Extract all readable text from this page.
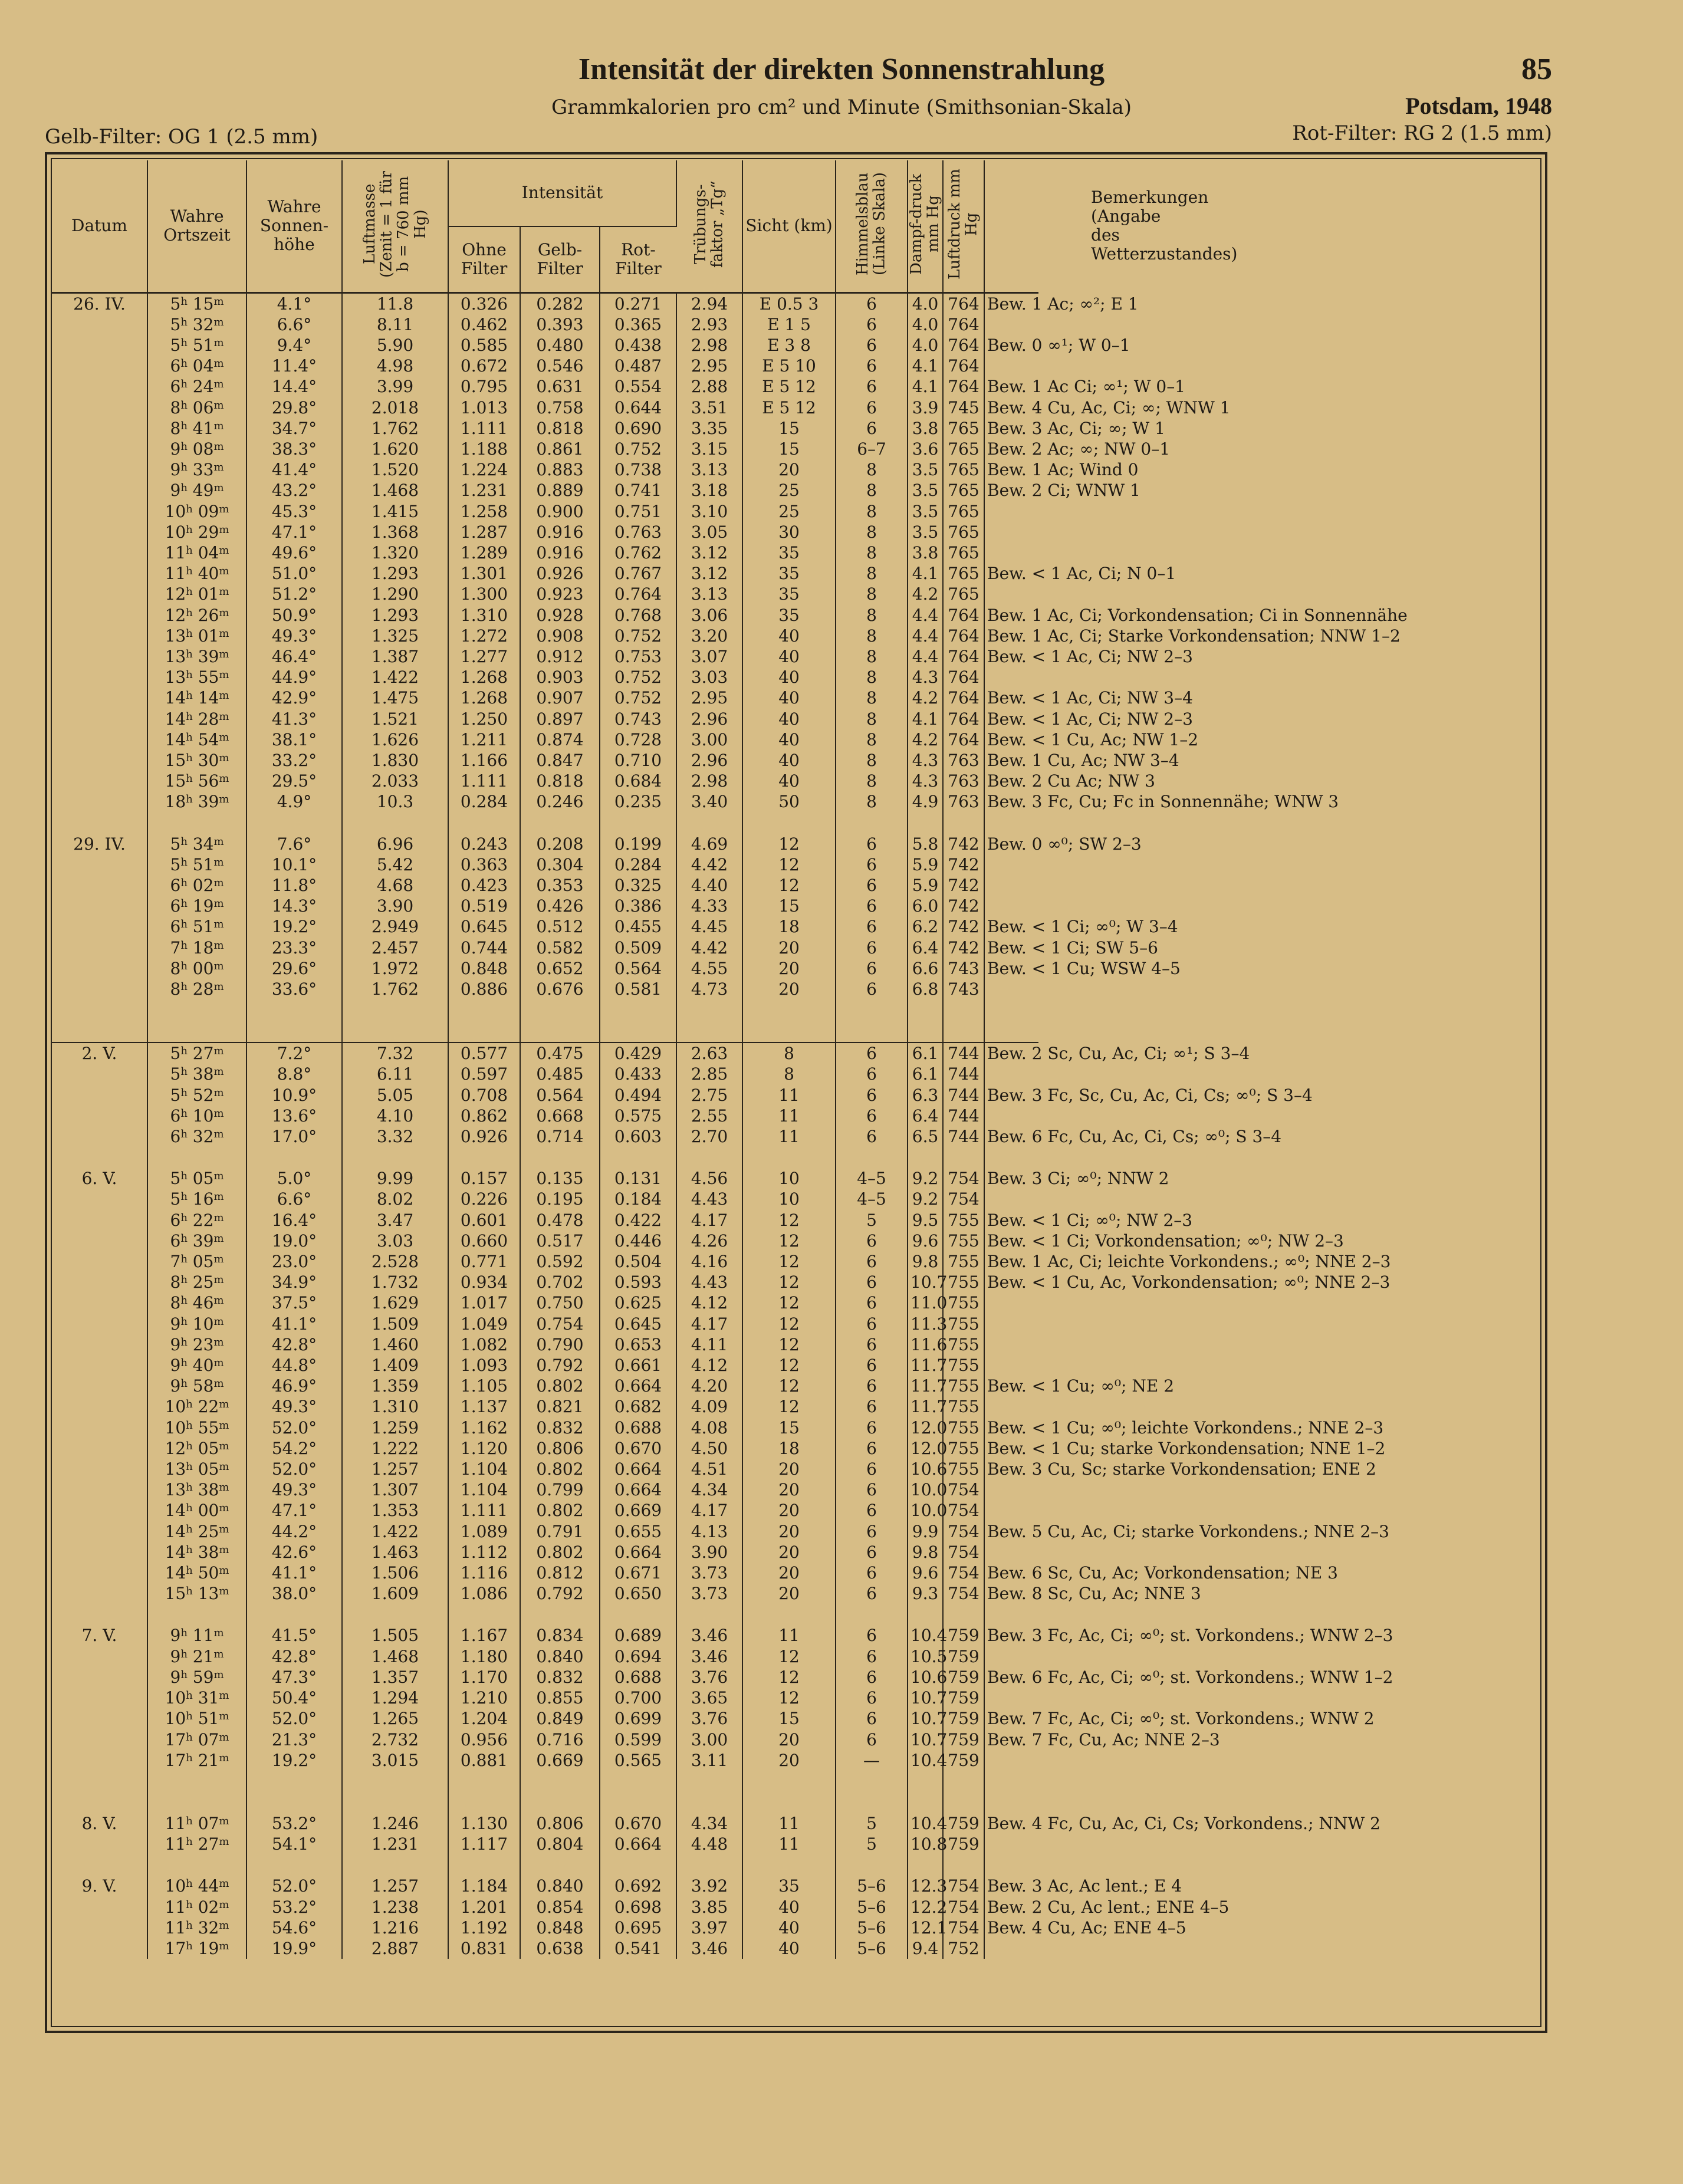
Intensität der direkten Sonnenstrahlung	85
Grammkalorien pro cm² und Minute (Smithsonian-Skala)	Potsdam, 1948
Gelb-Filter: OG 1 (2.5 mm)	Rot-Filter: RG 2 (1.5 mm)
Datum	Wahre Ortszeit	Wahre Sonnen-höhe	Luftmasse (Zenit = 1 für b = 760 mm Hg)	Intensität			Trübungs-faktor „Tg“	Sicht (km)	Himmelsblau (Linke Skala)	Dampf-druck mm Hg	Luftdruck mm Hg	Bemerkungen (Angabe des Wetterzustandes)
				Ohne Filter	Gelb-Filter	Rot-Filter						
26. IV.	5$^h$ 15$^m$	4.1°	11.8	0.326	0.282	0.271	2.94	E 0.5 3	6	4.0	764	Bew. 1 Ac; ∞²; E 1
	5$^h$ 32$^m$	6.6°	8.11	0.462	0.393	0.365	2.93	E 1 5	6	4.0	764	
	5$^h$ 51$^m$	9.4°	5.90	0.585	0.480	0.438	2.98	E 3 8	6	4.0	764	Bew. 0 ∞¹; W 0–1
	6$^h$ 04$^m$	11.4°	4.98	0.672	0.546	0.487	2.95	E 5 10	6	4.1	764	
	6$^h$ 24$^m$	14.4°	3.99	0.795	0.631	0.554	2.88	E 5 12	6	4.1	764	Bew. 1 Ac Ci; ∞¹; W 0–1
	8$^h$ 06$^m$	29.8°	2.018	1.013	0.758	0.644	3.51	E 5 12	6	3.9	745	Bew. 4 Cu, Ac, Ci; ∞; WNW 1
	8$^h$ 41$^m$	34.7°	1.762	1.111	0.818	0.690	3.35	15	6	3.8	765	Bew. 3 Ac, Ci; ∞; W 1
	9$^h$ 08$^m$	38.3°	1.620	1.188	0.861	0.752	3.15	15	6–7	3.6	765	Bew. 2 Ac; ∞; NW 0–1
	9$^h$ 33$^m$	41.4°	1.520	1.224	0.883	0.738	3.13	20	8	3.5	765	Bew. 1 Ac; Wind 0
	9$^h$ 49$^m$	43.2°	1.468	1.231	0.889	0.741	3.18	25	8	3.5	765	Bew. 2 Ci; WNW 1
	10$^h$ 09$^m$	45.3°	1.415	1.258	0.900	0.751	3.10	25	8	3.5	765	
	10$^h$ 29$^m$	47.1°	1.368	1.287	0.916	0.763	3.05	30	8	3.5	765	
	11$^h$ 04$^m$	49.6°	1.320	1.289	0.916	0.762	3.12	35	8	3.8	765	
	11$^h$ 40$^m$	51.0°	1.293	1.301	0.926	0.767	3.12	35	8	4.1	765	Bew. < 1 Ac, Ci; N 0–1
	12$^h$ 01$^m$	51.2°	1.290	1.300	0.923	0.764	3.13	35	8	4.2	765	
	12$^h$ 26$^m$	50.9°	1.293	1.310	0.928	0.768	3.06	35	8	4.4	764	Bew. 1 Ac, Ci; Vorkondensation; Ci in Sonnennähe
	13$^h$ 01$^m$	49.3°	1.325	1.272	0.908	0.752	3.20	40	8	4.4	764	Bew. 1 Ac, Ci; Starke Vorkondensation; NNW 1–2
	13$^h$ 39$^m$	46.4°	1.387	1.277	0.912	0.753	3.07	40	8	4.4	764	Bew. < 1 Ac, Ci; NW 2–3
	13$^h$ 55$^m$	44.9°	1.422	1.268	0.903	0.752	3.03	40	8	4.3	764	
	14$^h$ 14$^m$	42.9°	1.475	1.268	0.907	0.752	2.95	40	8	4.2	764	Bew. < 1 Ac, Ci; NW 3–4
	14$^h$ 28$^m$	41.3°	1.521	1.250	0.897	0.743	2.96	40	8	4.1	764	Bew. < 1 Ac, Ci; NW 2–3
	14$^h$ 54$^m$	38.1°	1.626	1.211	0.874	0.728	3.00	40	8	4.2	764	Bew. < 1 Cu, Ac; NW 1–2
	15$^h$ 30$^m$	33.2°	1.830	1.166	0.847	0.710	2.96	40	8	4.3	763	Bew. 1 Cu, Ac; NW 3–4
	15$^h$ 56$^m$	29.5°	2.033	1.111	0.818	0.684	2.98	40	8	4.3	763	Bew. 2 Cu Ac; NW 3
	18$^h$ 39$^m$	4.9°	10.3	0.284	0.246	0.235	3.40	50	8	4.9	763	Bew. 3 Fc, Cu; Fc in Sonnennähe; WNW 3

29. IV.	5$^h$ 34$^m$	7.6°	6.96	0.243	0.208	0.199	4.69	12	6	5.8	742	Bew. 0 ∞⁰; SW 2–3
	5$^h$ 51$^m$	10.1°	5.42	0.363	0.304	0.284	4.42	12	6	5.9	742	
	6$^h$ 02$^m$	11.8°	4.68	0.423	0.353	0.325	4.40	12	6	5.9	742	
	6$^h$ 19$^m$	14.3°	3.90	0.519	0.426	0.386	4.33	15	6	6.0	742	
	6$^h$ 51$^m$	19.2°	2.949	0.645	0.512	0.455	4.45	18	6	6.2	742	Bew. < 1 Ci; ∞⁰; W 3–4
	7$^h$ 18$^m$	23.3°	2.457	0.744	0.582	0.509	4.42	20	6	6.4	742	Bew. < 1 Ci; SW 5–6
	8$^h$ 00$^m$	29.6°	1.972	0.848	0.652	0.564	4.55	20	6	6.6	743	Bew. < 1 Cu; WSW 4–5
	8$^h$ 28$^m$	33.6°	1.762	0.886	0.676	0.581	4.73	20	6	6.8	743	

2. V.	5$^h$ 27$^m$	7.2°	7.32	0.577	0.475	0.429	2.63	8	6	6.1	744	Bew. 2 Sc, Cu, Ac, Ci; ∞¹; S 3–4
	5$^h$ 38$^m$	8.8°	6.11	0.597	0.485	0.433	2.85	8	6	6.1	744	
	5$^h$ 52$^m$	10.9°	5.05	0.708	0.564	0.494	2.75	11	6	6.3	744	Bew. 3 Fc, Sc, Cu, Ac, Ci, Cs; ∞⁰; S 3–4
	6$^h$ 10$^m$	13.6°	4.10	0.862	0.668	0.575	2.55	11	6	6.4	744	
	6$^h$ 32$^m$	17.0°	3.32	0.926	0.714	0.603	2.70	11	6	6.5	744	Bew. 6 Fc, Cu, Ac, Ci, Cs; ∞⁰; S 3–4

6. V.	5$^h$ 05$^m$	5.0°	9.99	0.157	0.135	0.131	4.56	10	4–5	9.2	754	Bew. 3 Ci; ∞⁰; NNW 2
	5$^h$ 16$^m$	6.6°	8.02	0.226	0.195	0.184	4.43	10	4–5	9.2	754	
	6$^h$ 22$^m$	16.4°	3.47	0.601	0.478	0.422	4.17	12	5	9.5	755	Bew. < 1 Ci; ∞⁰; NW 2–3
	6$^h$ 39$^m$	19.0°	3.03	0.660	0.517	0.446	4.26	12	6	9.6	755	Bew. < 1 Ci; Vorkondensation; ∞⁰; NW 2–3
	7$^h$ 05$^m$	23.0°	2.528	0.771	0.592	0.504	4.16	12	6	9.8	755	Bew. 1 Ac, Ci; leichte Vorkondens.; ∞⁰; NNE 2–3
	8$^h$ 25$^m$	34.9°	1.732	0.934	0.702	0.593	4.43	12	6	10.7	755	Bew. < 1 Cu, Ac, Vorkondensation; ∞⁰; NNE 2–3
	8$^h$ 46$^m$	37.5°	1.629	1.017	0.750	0.625	4.12	12	6	11.0	755	
	9$^h$ 10$^m$	41.1°	1.509	1.049	0.754	0.645	4.17	12	6	11.3	755	
	9$^h$ 23$^m$	42.8°	1.460	1.082	0.790	0.653	4.11	12	6	11.6	755	
	9$^h$ 40$^m$	44.8°	1.409	1.093	0.792	0.661	4.12	12	6	11.7	755	
	9$^h$ 58$^m$	46.9°	1.359	1.105	0.802	0.664	4.20	12	6	11.7	755	Bew. < 1 Cu; ∞⁰; NE 2
	10$^h$ 22$^m$	49.3°	1.310	1.137	0.821	0.682	4.09	12	6	11.7	755	
	10$^h$ 55$^m$	52.0°	1.259	1.162	0.832	0.688	4.08	15	6	12.0	755	Bew. < 1 Cu; ∞⁰; leichte Vorkondens.; NNE 2–3
	12$^h$ 05$^m$	54.2°	1.222	1.120	0.806	0.670	4.50	18	6	12.0	755	Bew. < 1 Cu; starke Vorkondensation; NNE 1–2
	13$^h$ 05$^m$	52.0°	1.257	1.104	0.802	0.664	4.51	20	6	10.6	755	Bew. 3 Cu, Sc; starke Vorkondensation; ENE 2
	13$^h$ 38$^m$	49.3°	1.307	1.104	0.799	0.664	4.34	20	6	10.0	754	
	14$^h$ 00$^m$	47.1°	1.353	1.111	0.802	0.669	4.17	20	6	10.0	754	
	14$^h$ 25$^m$	44.2°	1.422	1.089	0.791	0.655	4.13	20	6	9.9	754	Bew. 5 Cu, Ac, Ci; starke Vorkondens.; NNE 2–3
	14$^h$ 38$^m$	42.6°	1.463	1.112	0.802	0.664	3.90	20	6	9.8	754	
	14$^h$ 50$^m$	41.1°	1.506	1.116	0.812	0.671	3.73	20	6	9.6	754	Bew. 6 Sc, Cu, Ac; Vorkondensation; NE 3
	15$^h$ 13$^m$	38.0°	1.609	1.086	0.792	0.650	3.73	20	6	9.3	754	Bew. 8 Sc, Cu, Ac; NNE 3

7. V.	9$^h$ 11$^m$	41.5°	1.505	1.167	0.834	0.689	3.46	11	6	10.4	759	Bew. 3 Fc, Ac, Ci; ∞⁰; st. Vorkondens.; WNW 2–3
	9$^h$ 21$^m$	42.8°	1.468	1.180	0.840	0.694	3.46	12	6	10.5	759	
	9$^h$ 59$^m$	47.3°	1.357	1.170	0.832	0.688	3.76	12	6	10.6	759	Bew. 6 Fc, Ac, Ci; ∞⁰; st. Vorkondens.; WNW 1–2
	10$^h$ 31$^m$	50.4°	1.294	1.210	0.855	0.700	3.65	12	6	10.7	759	
	10$^h$ 51$^m$	52.0°	1.265	1.204	0.849	0.699	3.76	15	6	10.7	759	Bew. 7 Fc, Ac, Ci; ∞⁰; st. Vorkondens.; WNW 2
	17$^h$ 07$^m$	21.3°	2.732	0.956	0.716	0.599	3.00	20	6	10.7	759	Bew. 7 Fc, Cu, Ac; NNE 2–3
	17$^h$ 21$^m$	19.2°	3.015	0.881	0.669	0.565	3.11	20	—	10.4	759	

8. V.	11$^h$ 07$^m$	53.2°	1.246	1.130	0.806	0.670	4.34	11	5	10.4	759	Bew. 4 Fc, Cu, Ac, Ci, Cs; Vorkondens.; NNW 2
	11$^h$ 27$^m$	54.1°	1.231	1.117	0.804	0.664	4.48	11	5	10.8	759	

9. V.	10$^h$ 44$^m$	52.0°	1.257	1.184	0.840	0.692	3.92	35	5–6	12.3	754	Bew. 3 Ac, Ac lent.; E 4
	11$^h$ 02$^m$	53.2°	1.238	1.201	0.854	0.698	3.85	40	5–6	12.2	754	Bew. 2 Cu, Ac lent.; ENE 4–5
	11$^h$ 32$^m$	54.6°	1.216	1.192	0.848	0.695	3.97	40	5–6	12.1	754	Bew. 4 Cu, Ac; ENE 4–5
	17$^h$ 19$^m$	19.9°	2.887	0.831	0.638	0.541	3.46	40	5–6	9.4	752	
